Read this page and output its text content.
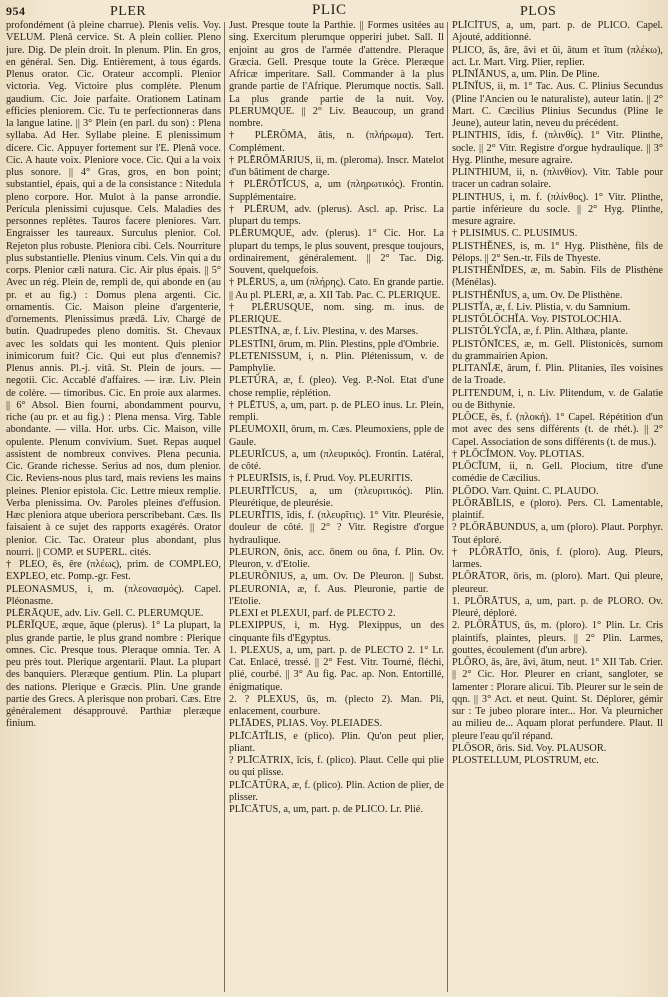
954	PLER	PLIC	PLOS

profondément (à pleine charrue). Plenis velis. Voy. VELUM. Plenâ cervice. St. A plein collier. Pleno jure. Dig. De plein droit. In plenum. Plin. En gros, en général. Sen. Dig. Entièrement, à tous égards. Plenus orator. Cic. Orateur accompli. Plenior victoria. Veg. Victoire plus complète. Plenum gaudium. Cic. Joie parfaite. Orationem Latinam efficies pleniorem. Cic. Tu te perfectionneras dans la langue latine. || 3° Plein (en parl. du son) : Plena syllaba. Ad Her. Syllabe pleine. E plenissimum dicere. Cic. Appuyer fortement sur l'E. Plenâ voce. Cic. A haute voix. Pleniore voce. Cic. Qui a la voix plus sonore. || 4° Gras, gros, en bon point; substantiel, épais, qui a de la consistance : Nitedula pleno corpore. Hor. Mulot à la panse arrondie. Pericula plenissimi cujusque. Cels. Maladies des personnes replètes. Tauros facere pleniores. Varr. Engraisser les taureaux. Surculus plenior. Col. Rejeton plus robuste. Pleniora cibi. Cels. Nourriture plus substantielle. Plenius vinum. Cels. Vin qui a du corps. Plenior cæli natura. Cic. Air plus épais. || 5° Avec un rég. Plein de, rempli de, qui abonde en (au pr. et au fig.) : Domus plena argenti. Cic. ornamentis. Cic. Maison pleine d'argenterie, d'ornements. Plenissimus prædâ. Liv. Chargé de butin. Quadrupedes pleno domitis. St. Chevaux avec les soldats qui les montent. Quis plenior inimicorum fuit? Cic. Qui eut plus d'ennemis? Plenus annis. Pl.-j. vitâ. St. Plein de jours. — negotii. Cic. Accablé d'affaires. — iræ. Liv. Plein de colère. — timoribus. Cic. En proie aux alarmes. || 6° Absol. Bien fourni, abondamment pourvu, riche (au pr. et au fig.) : Plena mensa. Virg. Table abondante. — villa. Hor. urbs. Cic. Maison, ville opulente. Plenum convivium. Suet. Repas auquel assistent de nombreux convives. Plena pecunia. Cic. Grande richesse. Serius ad nos, dum plenior. Cic. Reviens-nous plus tard, mais reviens les mains pleines. Plenior epistola. Cic. Lettre mieux remplie. Verba plenissima. Ov. Paroles pleines d'effusion. Hæc pleniora atque uberiora perscribebant. Cæs. Ils faisaient à ce sujet des rapports exagérés. Orator plenior. Cic. Tac. Orateur plus abondant, plus nourri. || COMP. et SUPERL. cités.
† PLEO, ēs, ēre (πλέως), prim. de COMPLEO, EXPLEO, etc. Pomp.-gr. Fest.
PLEONASMUS, i, m. (πλεονασμός). Capel. Pléonasme.
PLĒRĀQUE, adv. Liv. Gell. C. PLERUMQUE.
PLĒRĬQUE, æque, āque (plerus). 1° La plupart, la plus grande partie, le plus grand nombre : Plerique omnes. Cic. Presque tous. Pleraque omnia. Ter. A peu près tout. Plerique argentarii. Plaut. La plupart des banquiers. Pleræque gentium. Plin. La plupart des nations. Plerique e Græcis. Plin. Une grande partie des Grecs. A plerisque non probari. Cæs. Etre généralement désapprouvé. Parthiæ pleræque finium.

Just. Presque toute la Parthie. || Formes usitées au sing. Exercitum plerumque opperiri jubet. Sall. Il enjoint au gros de l'armée d'attendre. Pleraque Græcia. Gell. Presque toute la Grèce. Pleræque Africæ imperitare. Sall. Commander à la plus grande partie de l'Afrique. Plerumque noctis. Sall. La plus grande partie de la nuit. Voy. PLERUMQUE. || 2° Liv. Beaucoup, un grand nombre.
† PLĒRŌMA, ătis, n. (πλήρωμα). Tert. Complément.
† PLĒRŌMĀRIUS, ii, m. (pleroma). Inscr. Matelot d'un bâtiment de charge.
† PLĒRŌTĬCUS, a, um (πληρωτικός). Frontin. Supplémentaire.
† PLĒRUM, adv. (plerus). Ascl. ap. Prisc. La plupart du temps.
PLĒRUMQUE, adv. (plerus). 1° Cic. Hor. La plupart du temps, le plus souvent, presque toujours, ordinairement, généralement. || 2° Tac. Dig. Souvent, quelquefois.
† PLĒRUS, a, um (πλήρης). Cato. En grande partie. || Au pl. PLERI, æ, a. XII Tab. Pac. C. PLERIQUE.
† PLĒRUSQUE, nom. sing. m. inus. de PLERIQUE.
PLESTĪNA, æ, f. Liv. Plestina, v. des Marses.
PLESTĪNI, ōrum, m. Plin. Plestins, pple d'Ombrie.
PLETENISSUM, i, n. Plin. Plétenissum, v. de Pamphylie.
PLETŪRA, æ, f. (pleo). Veg. P.-Nol. Etat d'une chose remplie, réplétion.
† PLĒTUS, a, um, part. p. de PLEO inus. Lr. Plein, rempli.
PLEUMOXII, ōrum, m. Cæs. Pleumoxiens, pple de Gaule.
PLEURĬCUS, a, um (πλευρικός). Frontin. Latéral, de côté.
† PLEURĪSIS, is, f. Prud. Voy. PLEURITIS.
PLEURĪTĬCUS, a, um (πλευριτικός). Plin. Pleurétique, de pleurésie.
PLEURĪTIS, ĭdis, f. (πλευρῖτις). 1° Vitr. Pleurésie, douleur de côté. || 2° ? Vitr. Registre d'orgue hydraulique.
PLEURON, ōnis, acc. ōnem ou ōna, f. Plin. Ov. Pleuron, v. d'Etolie.
PLEURŌNIUS, a, um. Ov. De Pleuron. || Subst. PLEURONIA, æ, f. Aus. Pleuronie, partie de l'Etolie.
PLEXI et PLEXUI, parf. de PLECTO 2.
PLEXIPPUS, i, m. Hyg. Plexippus, un des cinquante fils d'Egyptus.
1. PLEXUS, a, um, part. p. de PLECTO 2. 1° Lr. Cat. Enlacé, tressé. || 2° Fest. Vitr. Tourné, fléchi, plié, courbé. || 3° Au fig. Pac. ap. Non. Entortillé, énigmatique.
2. ? PLEXUS, ūs, m. (plecto 2). Man. Pli, enlacement, courbure.
PLĪĀDES, PLIAS. Voy. PLEIADES.
PLĪCĀTĬLIS, e (plico). Plin. Qu'on peut plier, pliant.
? PLĪCĀTRIX, īcis, f. (plico). Plaut. Celle qui plie ou qui plisse.
PLĪCĀTŪRA, æ, f. (plico). Plin. Action de plier, de plisser.
PLĪCĀTUS, a, um, part. p. de PLICO. Lr. Plié.

PLĬCĬTUS, a, um, part. p. de PLICO. Capel. Ajouté, additionné.
PLICO, ās, āre, āvi et ŭi, ātum et ĭtum (πλέκω), act. Lr. Mart. Virg. Plier, replier.
PLĪNĬĀNUS, a, um. Plin. De Pline.
PLĪNĬUS, ii, m. 1° Tac. Aus. C. Plinius Secundus (Pline l'Ancien ou le naturaliste), auteur latin. || 2° Mart. C. Cæcilius Plinius Secundus (Pline le Jeune), auteur latin, neveu du précédent.
PLINTHIS, ĭdis, f. (πλινθίς). 1° Vitr. Plinthe, socle. || 2° Vitr. Registre d'orgue hydraulique. || 3° Hyg. Plinthe, mesure agraire.
PLINTHIUM, ii, n. (πλινθίον). Vitr. Table pour tracer un cadran solaire.
PLINTHUS, i, m. f. (πλίνθος). 1° Vitr. Plinthe, partie inférieure du socle. || 2° Hyg. Plinthe, mesure agraire.
† PLISIMUS. C. PLUSIMUS.
PLISTHĔNES, is, m. 1° Hyg. Plisthène, fils de Pélops. || 2° Sen.-tr. Fils de Thyeste.
PLISTHĔNĬDES, æ, m. Sabin. Fils de Plisthène (Ménélas).
PLISTHĔNĬUS, a, um. Ov. De Plisthène.
PLISTĬA, æ, f. Liv. Plistia, v. du Samnium.
PLISTŎLŎCHĬA. Voy. PISTOLOCHIA.
PLISTŎLŸCĬA, æ, f. Plin. Althæa, plante.
PLISTŎNĪCES, æ, m. Gell. Plistonicès, surnom du grammairien Apion.
PLITANĬÆ, ārum, f. Plin. Plitanies, îles voisines de la Troade.
PLITENDUM, i, n. Liv. Plitendum, v. de Galatie ou de Bithynie.
PLŎCE, ēs, f. (πλοκή). 1° Capel. Répétition d'un mot avec des sens différents (t. de rhét.). || 2° Capel. Association de sons différents (t. de mus.).
† PLŌCĬMON. Voy. PLOTIAS.
PLŌCĬUM, ii, n. Gell. Plocium, titre d'une comédie de Cæcilius.
PLŌDO. Varr. Quint. C. PLAUDO.
PLŌRĀBĬLIS, e (ploro). Pers. Cl. Lamentable, plaintif.
? PLŌRĀBUNDUS, a, um (ploro). Plaut. Porphyr. Tout éploré.
† PLŌRĀTĬO, ōnis, f. (ploro). Aug. Pleurs, larmes.
PLŌRĀTOR, ōris, m. (ploro). Mart. Qui pleure, pleureur.
1. PLŌRĀTUS, a, um, part. p. de PLORO. Ov. Pleuré, déploré.
2. PLŌRĀTUS, ūs, m. (ploro). 1° Plin. Lr. Cris plaintifs, plaintes, pleurs. || 2° Plin. Larmes, gouttes, écoulement (d'un arbre).
PLŌRO, ās, āre, āvi, ātum, neut. 1° XII Tab. Crier. || 2° Cic. Hor. Pleurer en criant, sangloter, se lamenter : Plorare alicui. Tib. Pleurer sur le sein de qqn. || 3° Act. et neut. Quint. St. Déplorer, gémir sur : Te jubeo plorare inter... Hor. Va pleurnicher au milieu de... Aquam plorat perfundere. Plaut. Il pleure l'eau qu'il répand.
PLŌSOR, ōris. Sid. Voy. PLAUSOR.
PLOSTELLUM, PLOSTRUM, etc.
